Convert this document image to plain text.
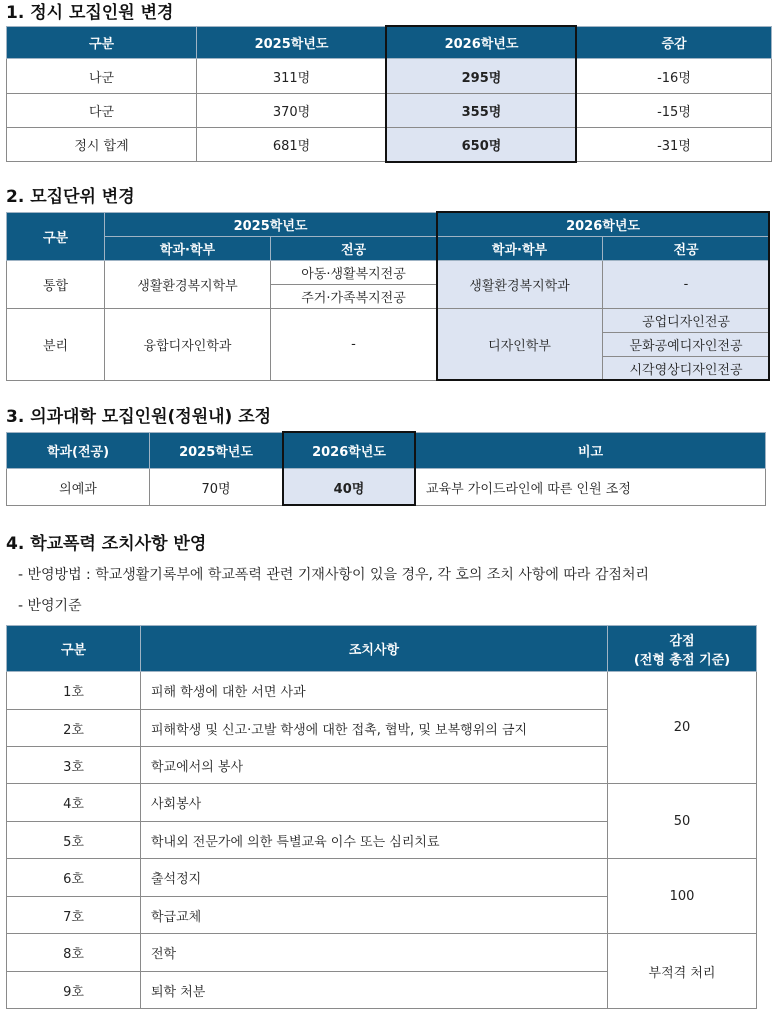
1. 정시 모집인원 변경
구분	2025학년도	2026학년도	증감
나군	311명	295명	-16명
다군	370명	355명	-15명
정시 합계	681명	650명	-31명
2. 모집단위 변경
구분	2025학년도		2026학년도	
	학과·학부	전공	학과·학부	전공
통합	생활환경복지학부	아동·생활복지전공	생활환경복지학과	-
		주거·가족복지전공		
분리	융합디자인학과	-	디자인학부	공업디자인전공
				문화공예디자인전공
				시각영상디자인전공
3. 의과대학 모집인원(정원내) 조정
학과(전공)	2025학년도	2026학년도	비고
의예과	70명	40명	교육부 가이드라인에 따른 인원 조정
4. 학교폭력 조치사항 반영

- 반영방법 : 학교생활기록부에 학교폭력 관련 기재사항이 있을 경우, 각 호의 조치 사항에 따라 감점처리

- 반영기준

구분	조치사항	감점
(전형 총점 기준)

1호	피해 학생에 대한 서면 사과	20
2호	피해학생 및 신고·고발 학생에 대한 접촉, 협박, 및 보복행위의 금지	
3호	학교에서의 봉사	
4호	사회봉사	50
5호	학내외 전문가에 의한 특별교육 이수 또는 심리치료	
6호	출석정지	100
7호	학급교체	
8호	전학	부적격 처리
9호	퇴학 처분	
